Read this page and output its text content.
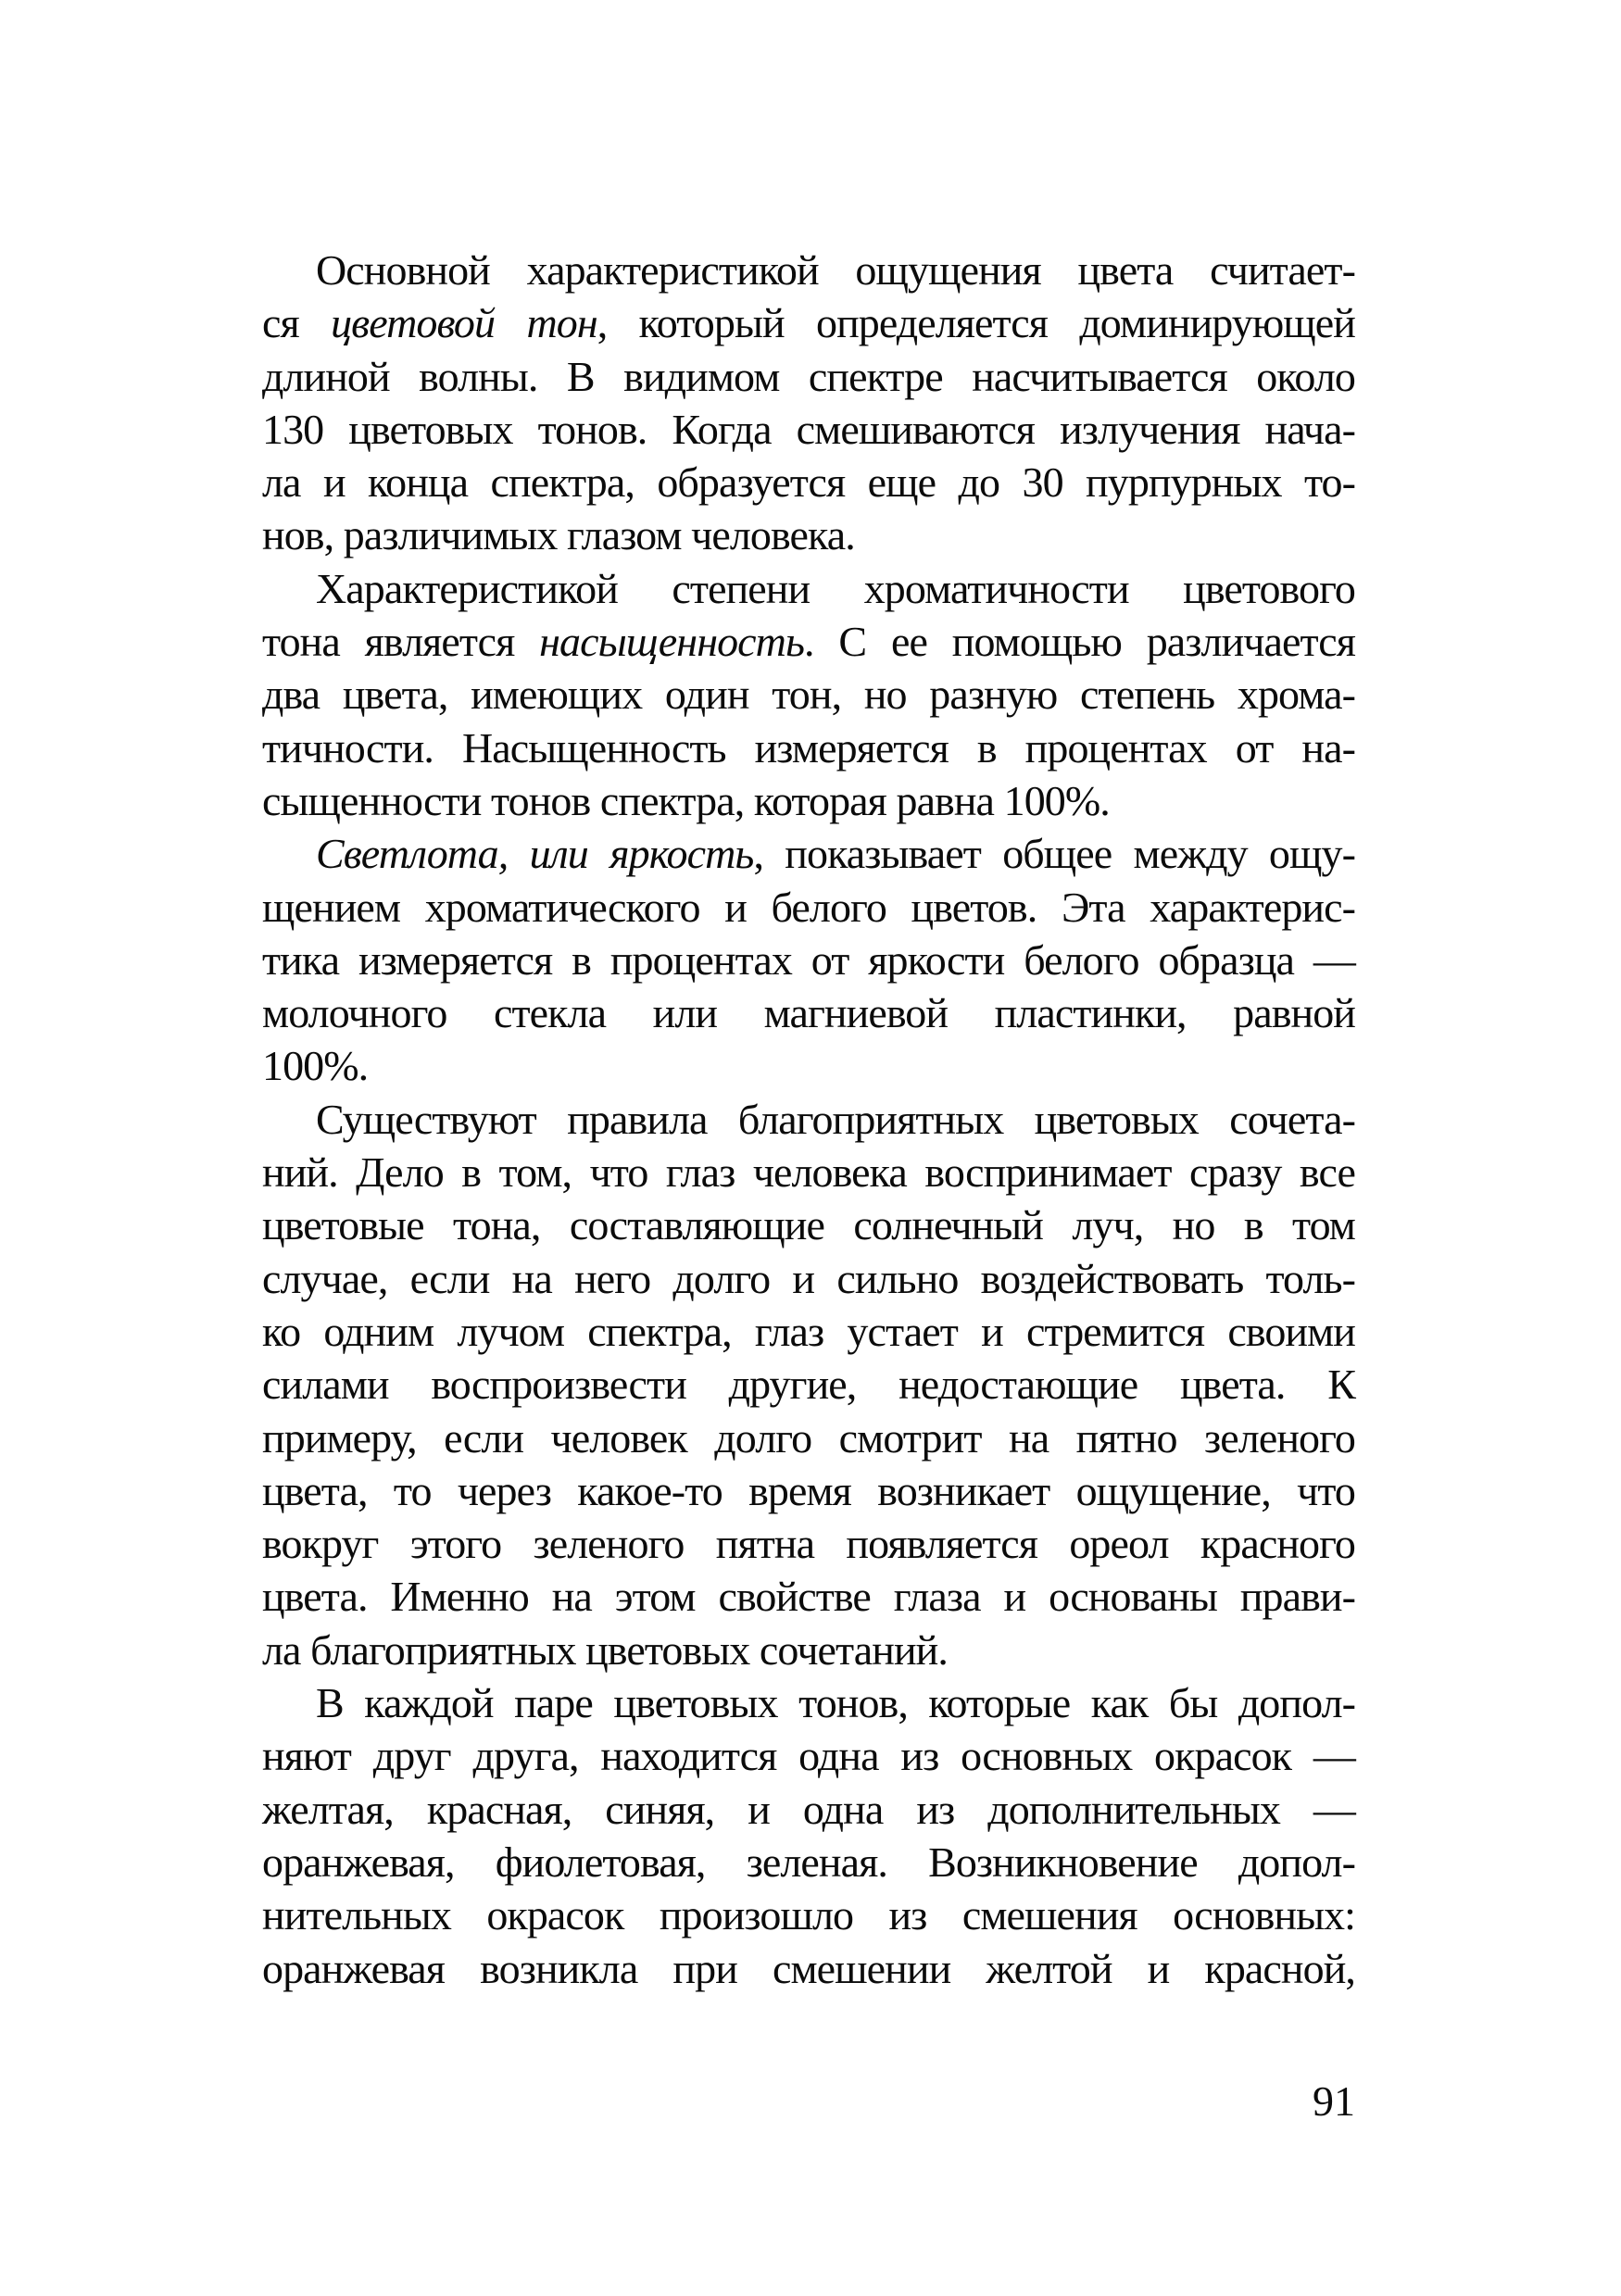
Основной характеристикой ощущения цвета считает-
ся цветовой тон, который определяется доминирующей
длиной волны. В видимом спектре насчитывается около
130 цветовых тонов. Когда смешиваются излучения нача-
ла и конца спектра, образуется еще до 30 пурпурных то-
нов, различимых глазом человека.
Характеристикой степени хроматичности цветового
тона является насыщенность. С ее помощью различается
два цвета, имеющих один тон, но разную степень хрома-
тичности. Насыщенность измеряется в процентах от на-
сыщенности тонов спектра, которая равна 100%.
Светлота, или яркость, показывает общее между ощу-
щением хроматического и белого цветов. Эта характерис-
тика измеряется в процентах от яркости белого образца —
молочного стекла или магниевой пластинки, равной
100%.
Существуют правила благоприятных цветовых сочета-
ний. Дело в том, что глаз человека воспринимает сразу все
цветовые тона, составляющие солнечный луч, но в том
случае, если на него долго и сильно воздействовать толь-
ко одним лучом спектра, глаз устает и стремится своими
силами воспроизвести другие, недостающие цвета. К
примеру, если человек долго смотрит на пятно зеленого
цвета, то через какое-то время возникает ощущение, что
вокруг этого зеленого пятна появляется ореол красного
цвета. Именно на этом свойстве глаза и основаны прави-
ла благоприятных цветовых сочетаний.
В каждой паре цветовых тонов, которые как бы допол-
няют друг друга, находится одна из основных окрасок —
желтая, красная, синяя, и одна из дополнительных —
оранжевая, фиолетовая, зеленая. Возникновение допол-
нительных окрасок произошло из смешения основных:
оранжевая возникла при смешении желтой и красной,
91
